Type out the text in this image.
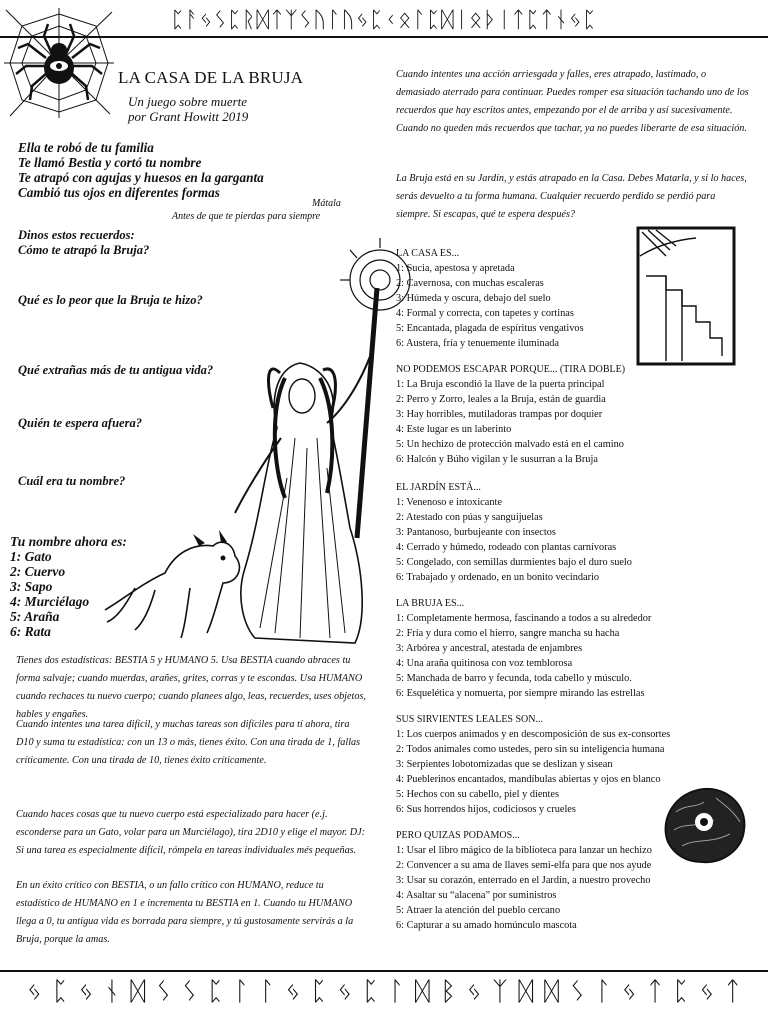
ᛈᚨᛃᛊᛈᚱᛞᛏᛉᛊᚢᛚᚢᛃᛈᚲᛟᛚᛈᛞᛁᛟᚦᛁᛏᛈᛏᚾᛃᛈ
LA CASA DE LA BRUJA
Un juego sobre muerte
por Grant Howitt 2019
Ella te robó de tu familia
Te llamó Bestia y cortó tu nombre
Te atrapó con agujas y huesos en la garganta
Cambió tus ojos en diferentes formas
Mátala
Antes de que te pierdas para siempre
Dinos estos recuerdos:
Cómo te atrapó la Bruja?
Qué es lo peor que la Bruja te hizo?
Qué extrañas más de tu antigua vida?
Quién te espera afuera?
Cuál era tu nombre?
Tu nombre ahora es:
1: Gato
2: Cuervo
3: Sapo
4: Murciélago
5: Araña
6: Rata
Tienes dos estadísticas: BESTIA 5 y HUMANO 5. Usa BESTIA cuando abraces tu forma salvaje; cuando muerdas, arañes, grites, corras y te escondas. Usa HUMANO cuando rechaces tu nuevo cuerpo; cuando planees algo, leas, recuerdes, uses objetos, hables y engañes.
Cuando intentes una tarea difícil, y muchas tareas son difíciles para tí ahora, tira D10 y suma tu estadística: con un 13 o más, tienes éxito. Con una tirada de 1, fallas críticamente. Con una tirada de 10, tienes éxito críticamente.
Cuando haces cosas que tu nuevo cuerpo está especializado para hacer (e.j. esconderse para un Gato, volar para un Murciélago), tira 2D10 y elige el mayor. DJ: Si una tarea es especialmente difícil, rómpela en tareas individuales més pequeñas.
En un éxito crítico con BESTIA, o un fallo crítico con HUMANO, reduce tu estadístico de HUMANO en 1 e incrementa tu BESTIA en 1. Cuando tu HUMANO llega a 0, tu antigua vida es borrada para siempre, y tú gustosamente servirás a la Bruja, porque la amas.
Cuando intentes una acción arriesgada y falles, eres atrapado, lastimado, o demasiado aterrado para continuar. Puedes romper esa situación tachando uno de los recuerdos que hay escritos antes, empezando por el de arriba y así sucesivamente. Cuando no queden más recuerdos que tachar, ya no puedes liberarte de esa situación.
La Bruja está en su Jardín, y estás atrapado en la Casa. Debes Matarla, y si lo haces, serás devuelto a tu forma humana. Cualquier recuerdo perdido se perdió para siempre. Si escapas, qué te espera después?
LA CASA ES...
1: Sucia, apestosa y apretada
2: Cavernosa, con muchas escaleras
3: Húmeda y oscura, debajo del suelo
4: Formal y correcta, con tapetes y cortinas
5: Encantada, plagada de espíritus vengativos
6: Austera, fría y tenuemente iluminada
NO PODEMOS ESCAPAR PORQUE... (TIRA DOBLE)
1: La Bruja escondió la llave de la puerta principal
2: Perro y Zorro, leales a la Bruja, están de guardia
3: Hay horribles, mutiladoras trampas por doquier
4: Este lugar es un laberinto
5: Un hechizo de protección malvado está en el camino
6: Halcón y Búho vigilan y le susurran a la Bruja
EL JARDÍN ESTÁ...
1: Venenoso e intoxicante
2: Atestado con púas y sanguijuelas
3: Pantanoso, burbujeante con insectos
4: Cerrado y húmedo, rodeado con plantas carnívoras
5: Congelado, con semillas durmientes bajo el duro suelo
6: Trabajado y ordenado, en un bonito vecindario
LA BRUJA ES...
1: Completamente hermosa, fascinando a todos a su alrededor
2: Fría y dura como el hierro, sangre mancha su hacha
3: Arbórea y ancestral, atestada de enjambres
4: Una araña quitinosa con voz temblorosa
5: Manchada de barro y fecunda, toda cabello y músculo.
6: Esquelética y nomuerta, por siempre mirando las estrellas
SUS SIRVIENTES LEALES SON...
1: Los cuerpos animados y en descomposición de sus ex-consortes
2: Todos animales como ustedes, pero sin su inteligencia humana
3: Serpientes lobotomizadas que se deslizan y sisean
4: Pueblerinos encantados, mandíbulas abiertas y ojos en blanco
5: Hechos con su cabello, piel y dientes
6: Sus horrendos hijos, codiciosos y crueles
PERO QUIZAS PODAMOS...
1: Usar el libro mágico de la biblioteca para lanzar un hechizo
2: Convencer a su ama de llaves semi-elfa para que nos ayude
3: Usar su corazón, enterrado en el Jardín, a nuestro provecho
4: Asaltar su “alacena” por suministros
5: Atraer la atención del pueblo cercano
6: Capturar a su amado homúnculo mascota
ᛃ ᛈ ᛃ ᚾ ᛞ ᛊ ᛊ ᛈ ᛚ ᛚ ᛃ ᛈ ᛃ ᛈ ᛚ ᛞ ᛒ ᛃ ᛉ ᛞ ᛞ ᛊ ᛚ ᛃ ᛏ ᛈ ᛃ ᛏ
